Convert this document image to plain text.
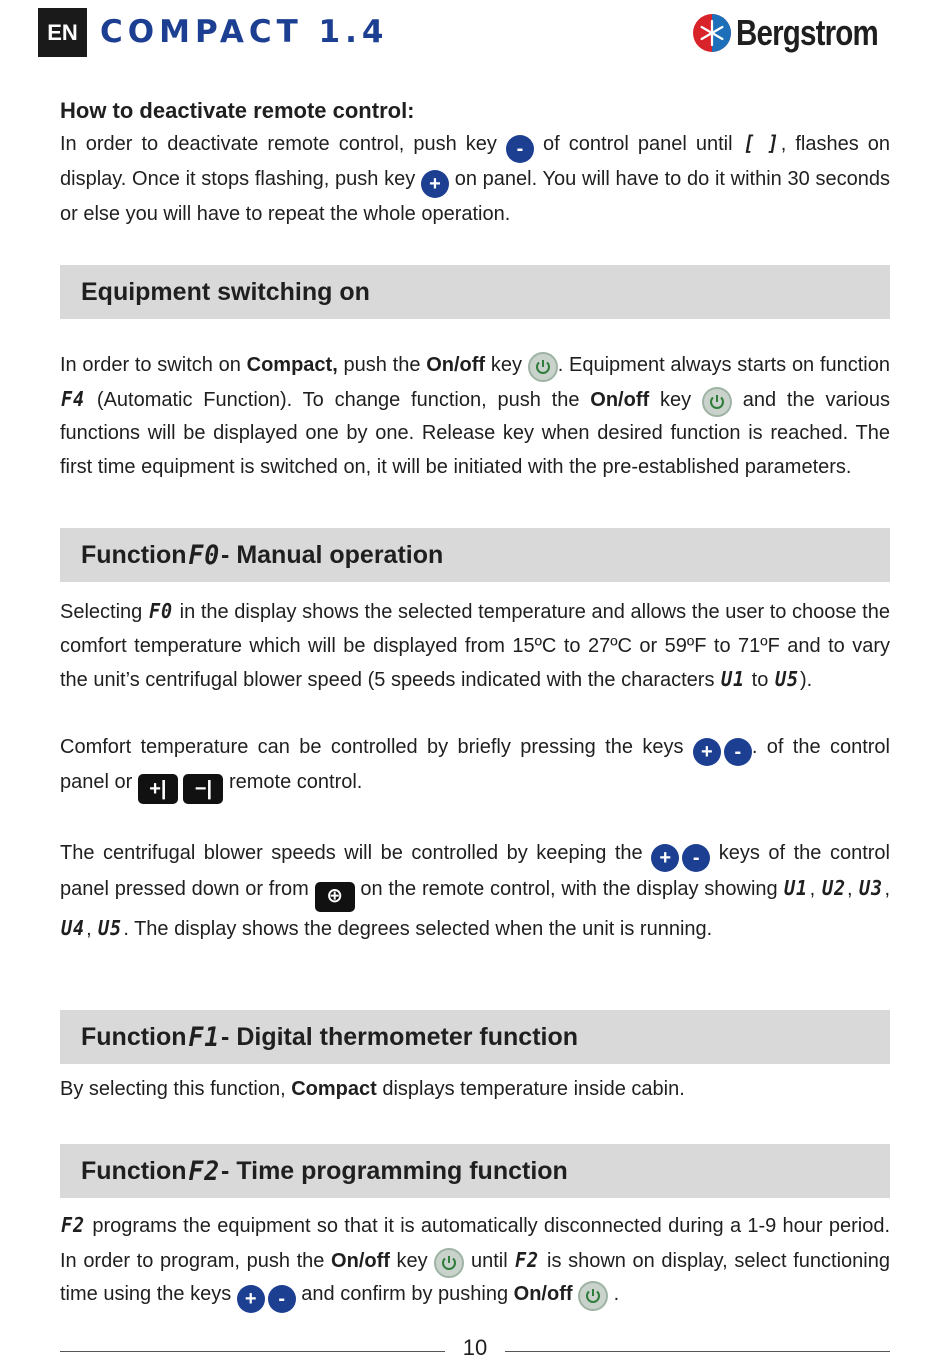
EN COMPACT 1.4	Bergstrom
How to deactivate remote control:

In order to deactivate remote control, push key - of control panel until [ ], flashes on display. Once it stops flashing, push key + on panel. You will have to do it within 30 seconds or else you will have to repeat the whole operation.

Equipment switching on

In order to switch on Compact, push the On/off key
. Equipment always starts on function F4 (Automatic Function). To change function, push the On/off key
and the various functions will be displayed one by one. Release key when desired function is reached. The first time equipment is switched on, it will be initiated with the pre-established parameters.

Function F0 - Manual operation

Selecting F0 in the display shows the selected temperature and allows the user to choose the comfort temperature which will be displayed from 15ºC to 27ºC or 59ºF to 71ºF and to vary the unit’s centrifugal blower speed (5 speeds indicated with the characters U1 to U5).

Comfort temperature can be controlled by briefly pressing the keys + - . of the control panel or +|
−| remote control.

The centrifugal blower speeds will be controlled by keeping the + - keys of the control panel pressed down or from ⊕ on the remote control, with the display showing U1, U2, U3, U4, U5. The display shows the degrees selected when the unit is running.

Function F1 - Digital thermometer function

By selecting this function, Compact displays temperature inside cabin.

Function F2 - Time programming function

F2 programs the equipment so that it is automatically disconnected during a 1-9 hour period. In order to program, push the On/off key
until F2 is shown on display, select functioning time using the keys + - and confirm by pushing On/off
.

10
